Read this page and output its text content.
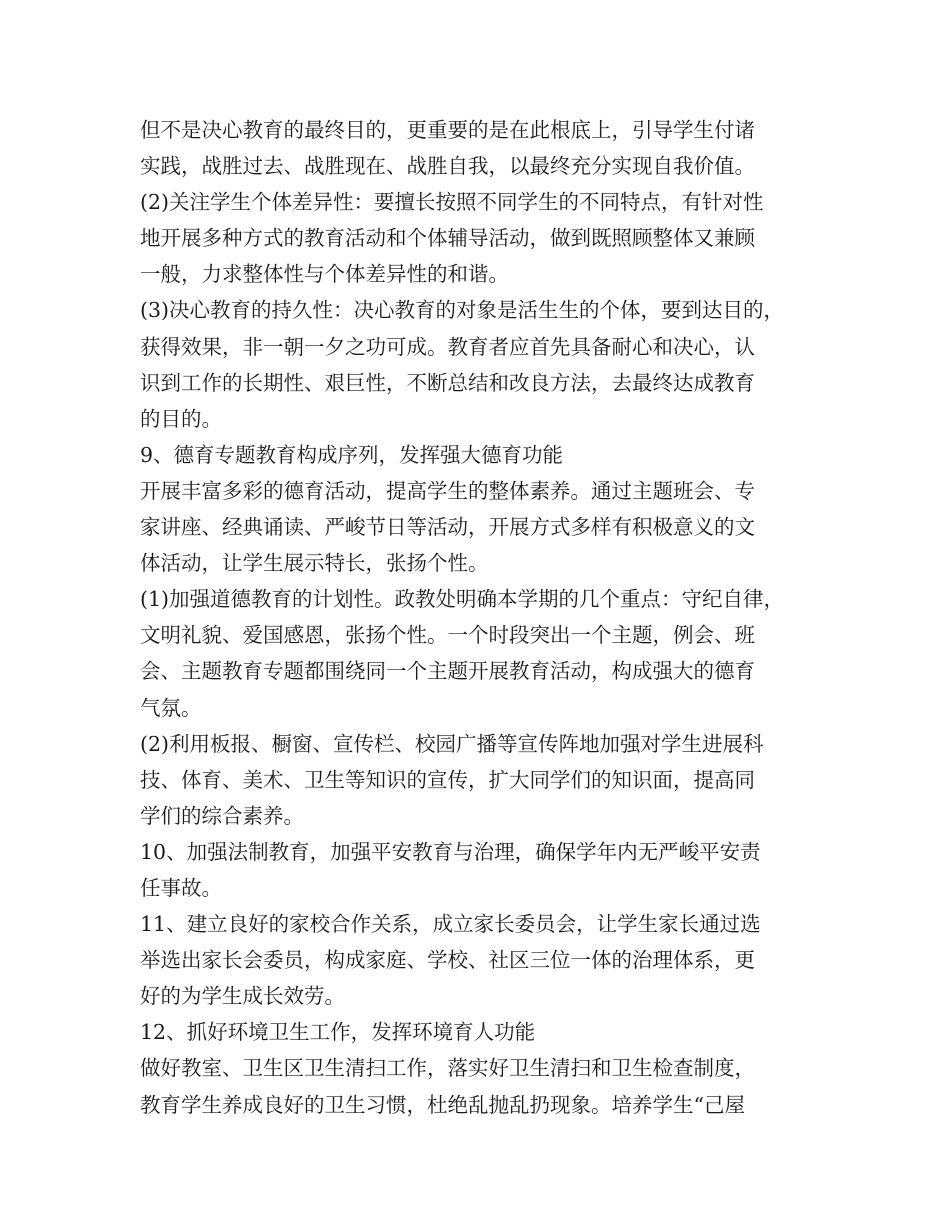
但不是决心教育的最终目的，更重要的是在此根底上，引导学生付诸
实践，战胜过去、战胜现在、战胜自我，以最终充分实现自我价值。
(2)关注学生个体差异性：要擅长按照不同学生的不同特点，有针对性
地开展多种方式的教育活动和个体辅导活动，做到既照顾整体又兼顾
一般，力求整体性与个体差异性的和谐。
(3)决心教育的持久性：决心教育的对象是活生生的个体，要到达目的，
获得效果，非一朝一夕之功可成。教育者应首先具备耐心和决心，认
识到工作的长期性、艰巨性，不断总结和改良方法，去最终达成教育
的目的。
9、德育专题教育构成序列，发挥强大德育功能
开展丰富多彩的德育活动，提高学生的整体素养。通过主题班会、专
家讲座、经典诵读、严峻节日等活动，开展方式多样有积极意义的文
体活动，让学生展示特长，张扬个性。
(1)加强道德教育的计划性。政教处明确本学期的几个重点：守纪自律，
文明礼貌、爱国感恩，张扬个性。一个时段突出一个主题，例会、班
会、主题教育专题都围绕同一个主题开展教育活动，构成强大的德育
气氛。
(2)利用板报、橱窗、宣传栏、校园广播等宣传阵地加强对学生进展科
技、体育、美术、卫生等知识的宣传，扩大同学们的知识面，提高同
学们的综合素养。
10、加强法制教育，加强平安教育与治理，确保学年内无严峻平安责
任事故。
11、建立良好的家校合作关系，成立家长委员会，让学生家长通过选
举选出家长会委员，构成家庭、学校、社区三位一体的治理体系，更
好的为学生成长效劳。
12、抓好环境卫生工作，发挥环境育人功能
做好教室、卫生区卫生清扫工作，落实好卫生清扫和卫生检查制度，
教育学生养成良好的卫生习惯，杜绝乱抛乱扔现象。培养学生“己屋
